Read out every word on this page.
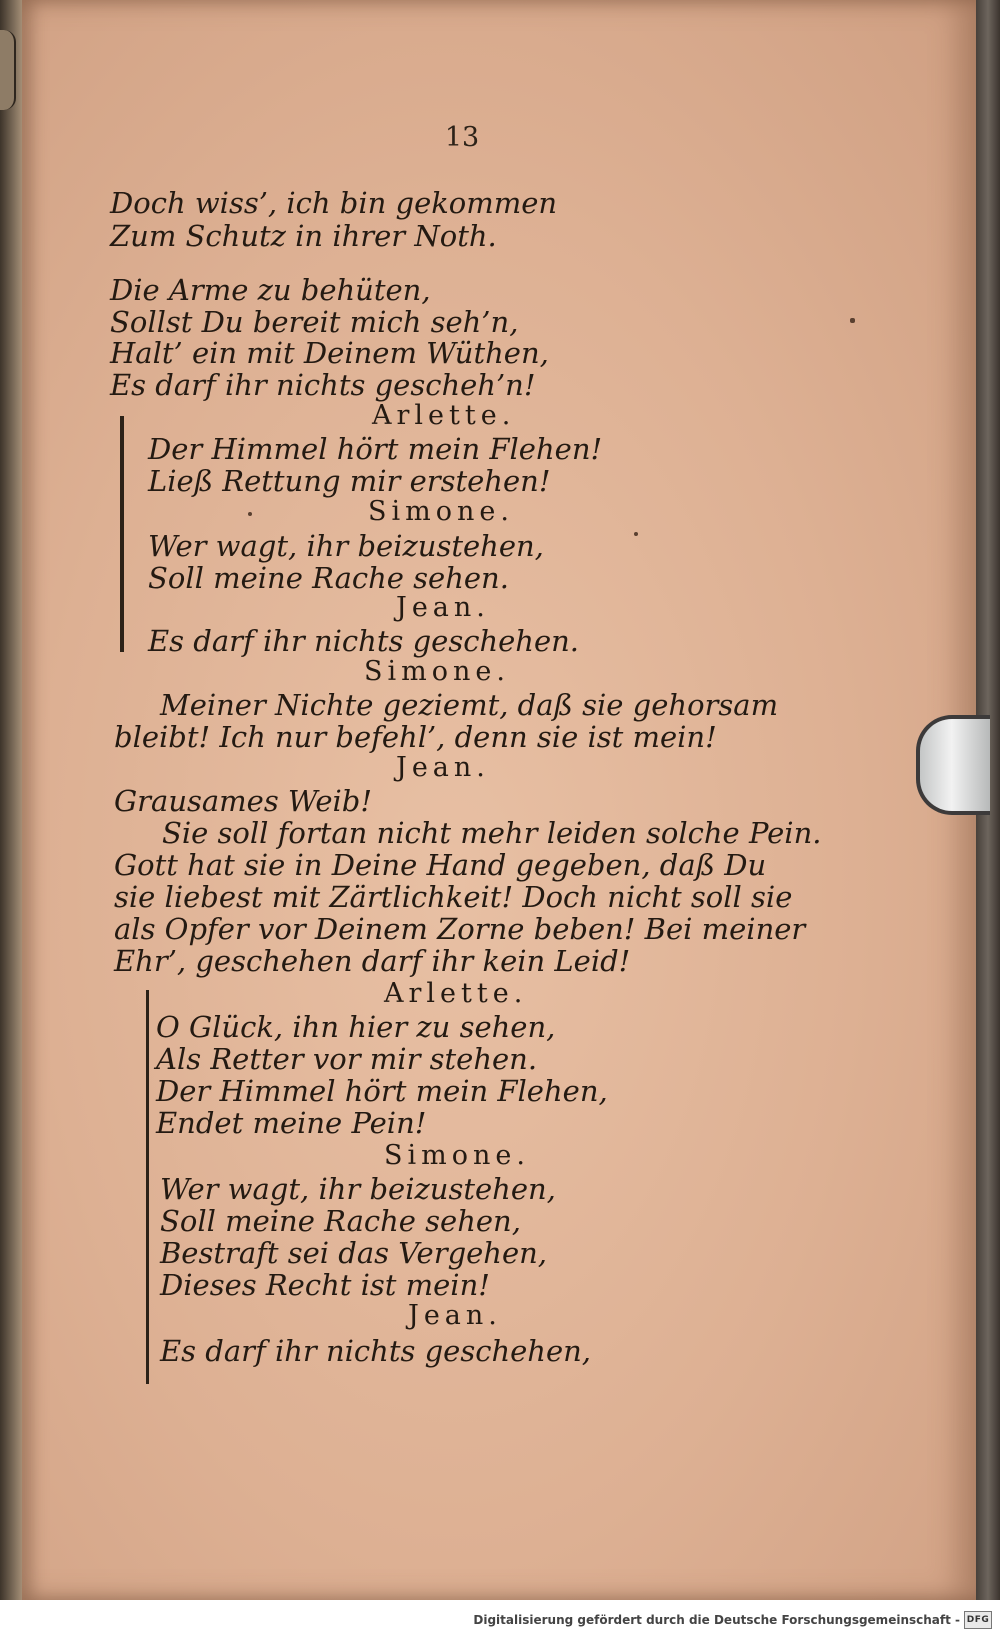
13
Doch wiss’, ich bin gekommen
Zum Schutz in ihrer Noth.
Die Arme zu behüten,
Sollst Du bereit mich seh’n,
Halt’ ein mit Deinem Wüthen,
Es darf ihr nichts gescheh’n!
Arlette.
Der Himmel hört mein Flehen!
Ließ Rettung mir erstehen!
Simone.
Wer wagt, ihr beizustehen,
Soll meine Rache sehen.
Jean.
Es darf ihr nichts geschehen.
Simone.
Meiner Nichte geziemt, daß sie gehorsam
bleibt! Ich nur befehl’, denn sie ist mein!
Jean.
Grausames Weib!
Sie soll fortan nicht mehr leiden solche Pein.
Gott hat sie in Deine Hand gegeben, daß Du
sie liebest mit Zärtlichkeit! Doch nicht soll sie
als Opfer vor Deinem Zorne beben! Bei meiner
Ehr’, geschehen darf ihr kein Leid!
Arlette.
O Glück, ihn hier zu sehen,
Als Retter vor mir stehen.
Der Himmel hört mein Flehen,
Endet meine Pein!
Simone.
Wer wagt, ihr beizustehen,
Soll meine Rache sehen,
Bestraft sei das Vergehen,
Dieses Recht ist mein!
Jean.
Es darf ihr nichts geschehen,
Digitalisierung gefördert durch die Deutsche Forschungsgemeinschaft - DFG
